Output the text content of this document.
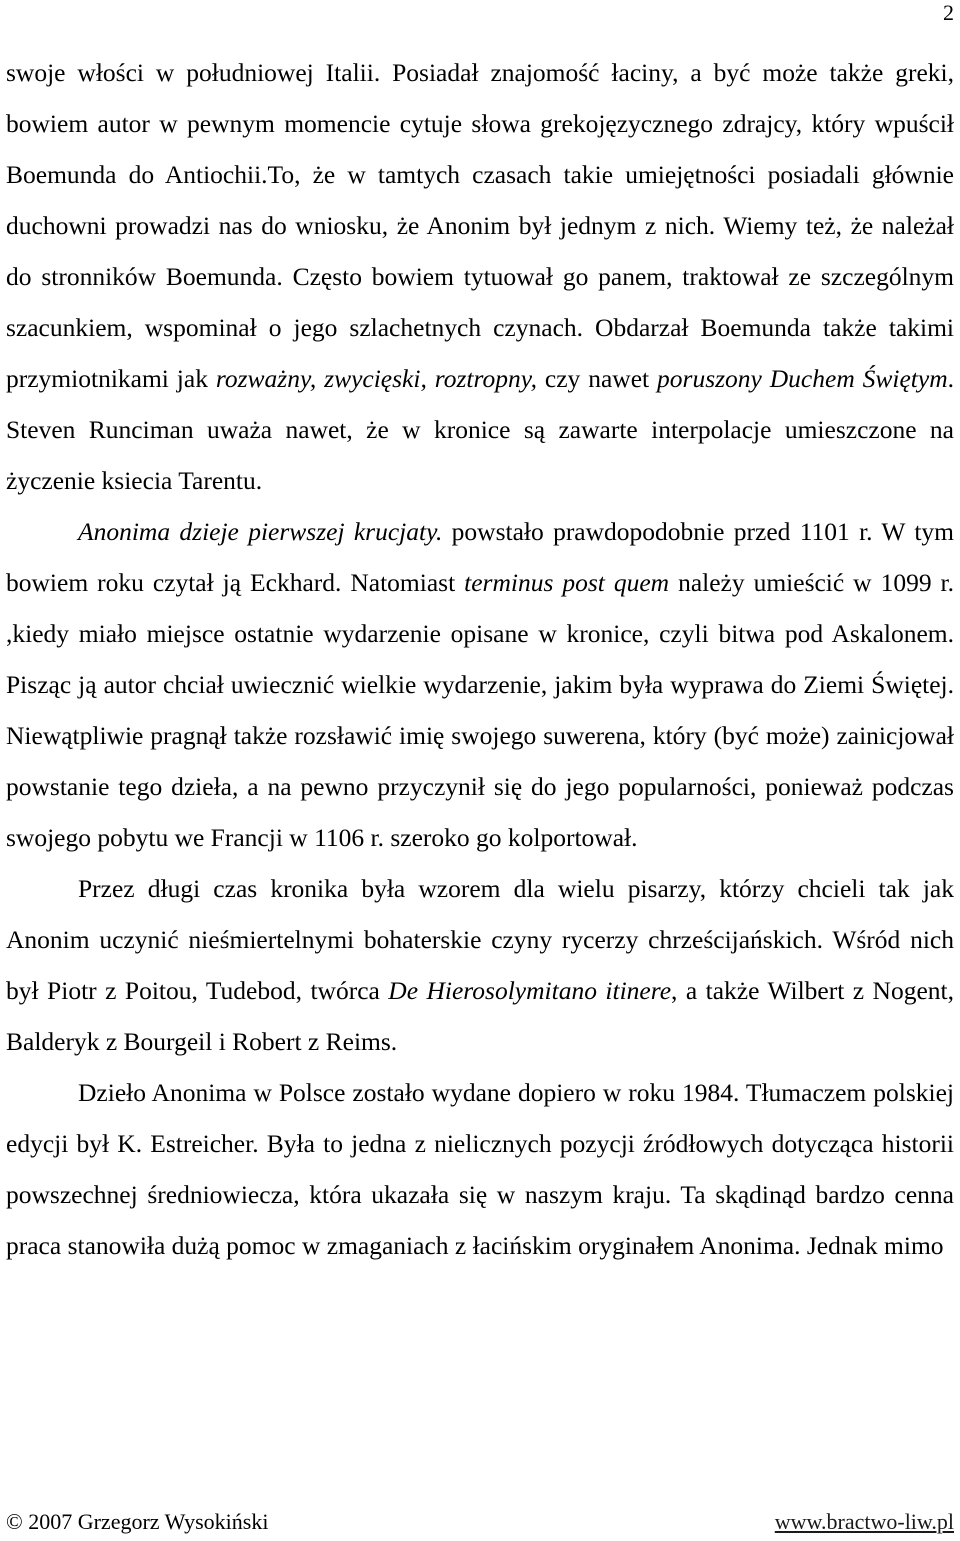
2

swoje włości w południowej Italii. Posiadał znajomość łaciny, a być może także greki, bowiem autor w pewnym momencie cytuje słowa grekojęzycznego zdrajcy, który wpuścił Boemunda do Antiochii.To, że w tamtych czasach takie umiejętności posiadali głównie duchowni prowadzi nas do wniosku, że Anonim był jednym z nich. Wiemy też, że należał do stronników Boemunda. Często bowiem tytuował go panem, traktował ze szczególnym szacunkiem, wspominał o jego szlachetnych czynach. Obdarzał Boemunda także takimi przymiotnikami jak rozważny, zwycięski, roztropny, czy nawet poruszony Duchem Świętym. Steven Runciman uważa nawet, że w kronice są zawarte interpolacje umieszczone na życzenie ksiecia Tarentu.

Anonima dzieje pierwszej krucjaty. powstało prawdopodobnie przed 1101 r. W tym bowiem roku czytał ją Eckhard. Natomiast terminus post quem należy umieścić w 1099 r. ,kiedy miało miejsce ostatnie wydarzenie opisane w kronice, czyli bitwa pod Askalonem. Pisząc ją autor chciał uwiecznić wielkie wydarzenie, jakim była wyprawa do Ziemi Świętej. Niewątpliwie pragnął także rozsławić imię swojego suwerena, który (być może) zainicjował powstanie tego dzieła, a na pewno przyczynił się do jego popularności, ponieważ podczas swojego pobytu we Francji w 1106 r. szeroko go kolportował.

Przez długi czas kronika była wzorem dla wielu pisarzy, którzy chcieli tak jak Anonim uczynić nieśmiertelnymi bohaterskie czyny rycerzy chrześcijańskich. Wśród nich był Piotr z Poitou, Tudebod, twórca De Hierosolymitano itinere, a także Wilbert z Nogent, Balderyk z Bourgeil i Robert z Reims.

Dzieło Anonima w Polsce zostało wydane dopiero w roku 1984. Tłumaczem polskiej edycji był K. Estreicher. Była to jedna z nielicznych pozycji źródłowych dotycząca historii powszechnej średniowiecza, która ukazała się w naszym kraju. Ta skądinąd bardzo cenna praca stanowiła dużą pomoc w zmaganiach z łacińskim oryginałem Anonima. Jednak mimo

© 2007 Grzegorz Wysokiński	www.bractwo-liw.pl
